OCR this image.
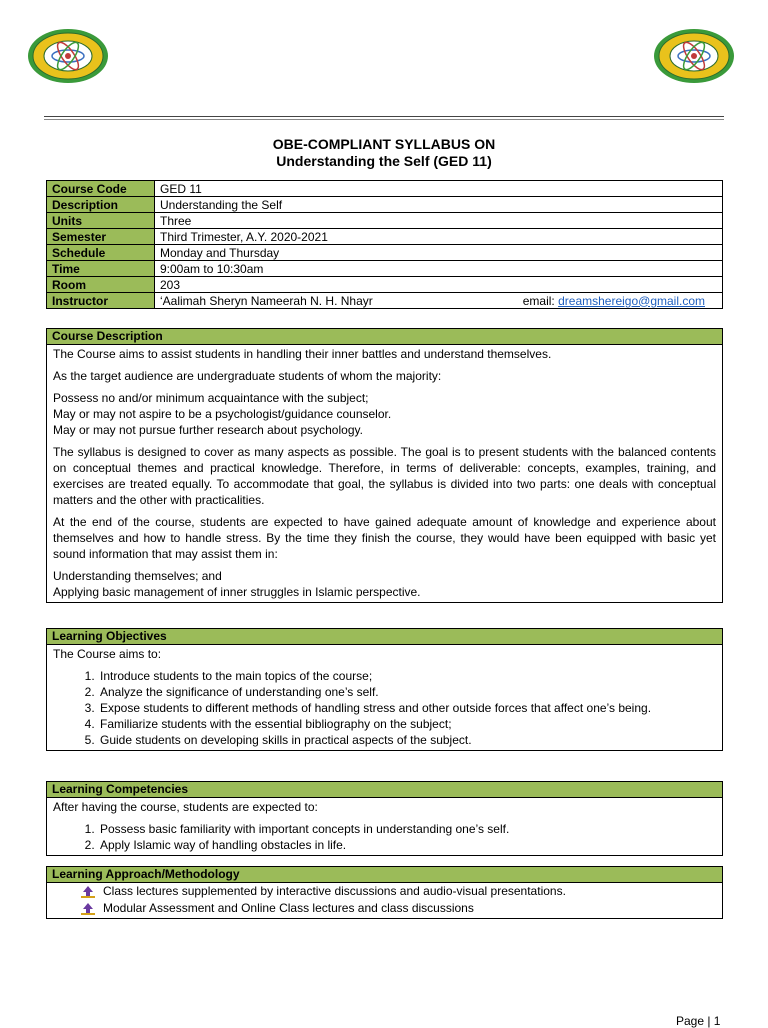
OBE-COMPLIANT SYLLABUS ON
Understanding the Self (GED 11)
Course Code	GED 11
Description	Understanding the Self
Units	Three
Semester	Third Trimester, A.Y. 2020-2021
Schedule	Monday and Thursday
Time	9:00am to 10:30am
Room	203
Instructor	‘Aalimah Sheryn Nameerah N. H. Nhayr email: dreamshereigo@gmail.com
Course Description

The Course aims to assist students in handling their inner battles and understand themselves.

As the target audience are undergraduate students of whom the majority:

Possess no and/or minimum acquaintance with the subject;

May or may not aspire to be a psychologist/guidance counselor.

May or may not pursue further research about psychology.

The syllabus is designed to cover as many aspects as possible. The goal is to present students with the balanced contents on conceptual themes and practical knowledge. Therefore, in terms of deliverable: concepts, examples, training, and exercises are treated equally. To accommodate that goal, the syllabus is divided into two parts: one deals with conceptual matters and the other with practicalities.

At the end of the course, students are expected to have gained adequate amount of knowledge and experience about themselves and how to handle stress. By the time they finish the course, they would have been equipped with basic yet sound information that may assist them in:

Understanding themselves; and

Applying basic management of inner struggles in Islamic perspective.

Learning Objectives

The Course aims to:

1. Introduce students to the main topics of the course;
2. Analyze the significance of understanding one’s self.
3. Expose students to different methods of handling stress and other outside forces that affect one’s being.
4. Familiarize students with the essential bibliography on the subject;
5. Guide students on developing skills in practical aspects of the subject.
Learning Competencies

After having the course, students are expected to:

1. Possess basic familiarity with important concepts in understanding one’s self.
2. Apply Islamic way of handling obstacles in life.
Learning Approach/Methodology
Class lectures supplemented by interactive discussions and audio-visual presentations.
Modular Assessment and Online Class lectures and class discussions
Page | 1
